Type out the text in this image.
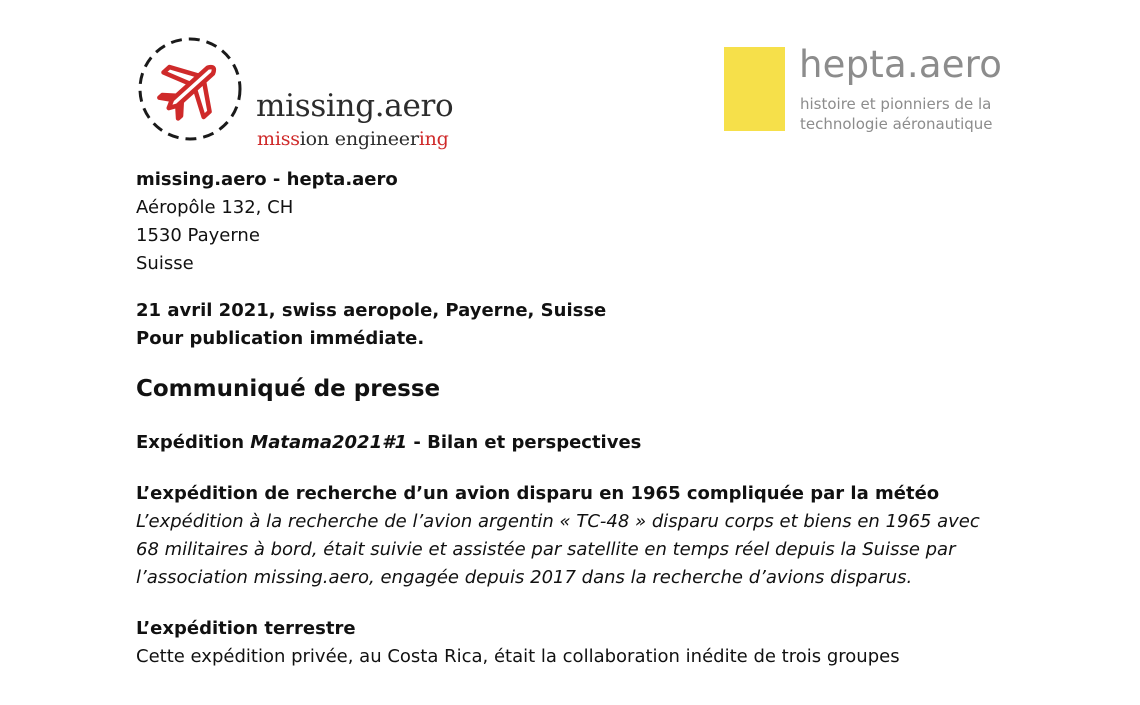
missing.aero
mission engineering
hepta.aero
histoire et pionniers de la
technologie aéronautique
missing.aero - hepta.aero
Aéropôle 132, CH
1530 Payerne
Suisse
21 avril 2021, swiss aeropole, Payerne, Suisse
Pour publication immédiate.
Communiqué de presse
Expédition Matama2021#1 - Bilan et perspectives
L’expédition de recherche d’un avion disparu en 1965 compliquée par la météo
L’expédition à la recherche de l’avion argentin « TC-48 » disparu corps et biens en 1965 avec
68 militaires à bord, était suivie et assistée par satellite en temps réel depuis la Suisse par
l’association missing.aero, engagée depuis 2017 dans la recherche d’avions disparus.
L’expédition terrestre
Cette expédition privée, au Costa Rica, était la collaboration inédite de trois groupes
